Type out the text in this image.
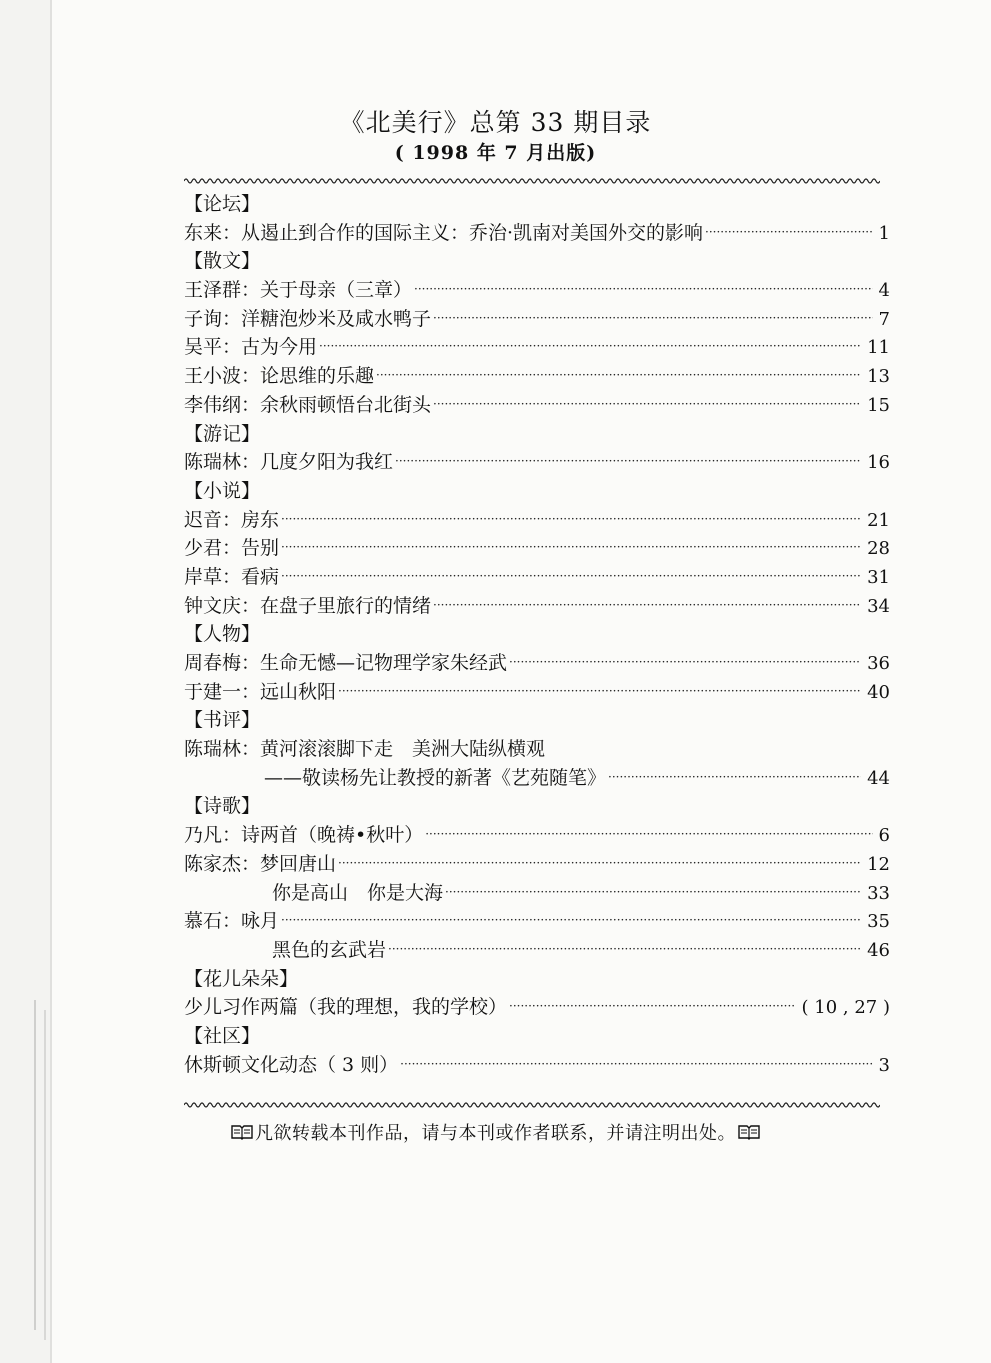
《北美行》总第 33 期目录
( 1998 年 7 月出版)
【论坛】
东来：从遏止到合作的国际主义：乔治·凯南对美国外交的影响 ·····	1
【散文】
王泽群：关于母亲（三章） ·····	4
子询：洋糖泡炒米及咸水鸭子 ·····	7
吴平：古为今用 ·····	11
王小波：论思维的乐趣 ·····	13
李伟纲：余秋雨顿悟台北街头 ·····	15
【游记】
陈瑞林：几度夕阳为我红 ·····	16
【小说】
迟音：房东 ·····	21
少君：告别 ·····	28
岸草：看病 ·····	31
钟文庆：在盘子里旅行的情绪 ·····	34
【人物】
周春梅：生命无憾—记物理学家朱经武 ·····	36
于建一：远山秋阳 ·····	40
【书评】
陈瑞林：黄河滚滚脚下走　美洲大陆纵横观
——敬读杨先让教授的新著《艺苑随笔》 ·····	44
【诗歌】
乃凡：诗两首（晚祷•秋叶） ·····	6
陈家杰：梦回唐山 ·····	12
你是高山　你是大海 ·····	33
慕石：咏月 ·····	35
黑色的玄武岩 ·····	46
【花儿朵朵】
少儿习作两篇（我的理想，我的学校） ·····	( 10 , 27 )
【社区】
休斯顿文化动态（ 3 则） ·····	3
凡欲转载本刊作品，请与本刊或作者联系，并请注明出处。
